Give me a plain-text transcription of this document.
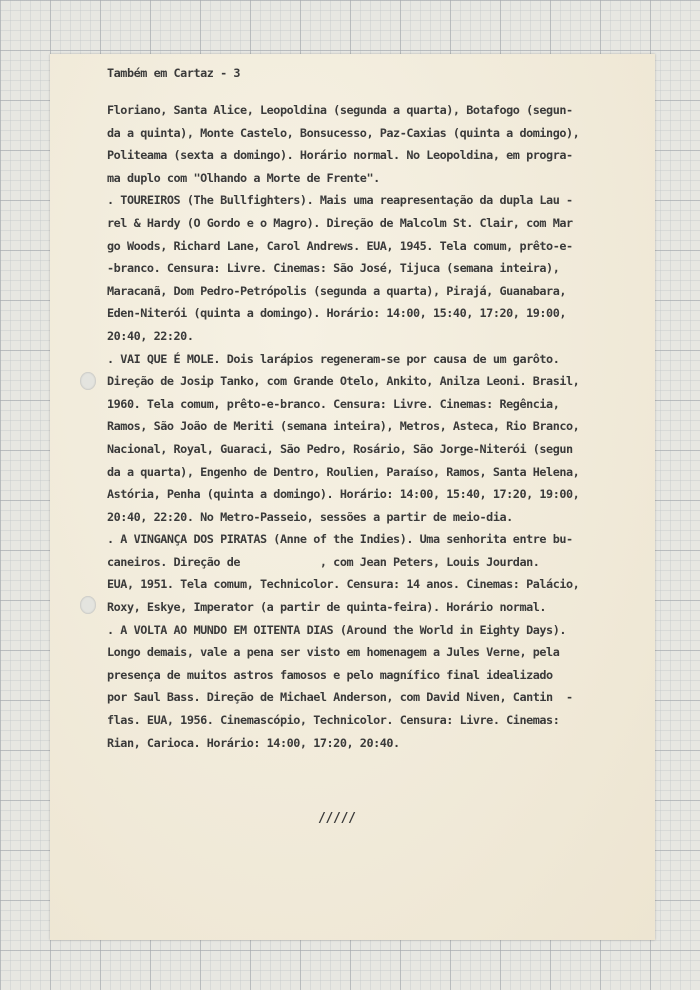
Também em Cartaz - 3
Floriano, Santa Alice, Leopoldina (segunda a quarta), Botafogo (segun-
da a quinta), Monte Castelo, Bonsucesso, Paz-Caxias (quinta a domingo),
Politeama (sexta a domingo). Horário normal. No Leopoldina, em progra-
ma duplo com "Olhando a Morte de Frente".
. TOUREIROS (The Bullfighters). Mais uma reapresentação da dupla Lau -
rel & Hardy (O Gordo e o Magro). Direção de Malcolm St. Clair, com Mar
go Woods, Richard Lane, Carol Andrews. EUA, 1945. Tela comum, prêto-e-
-branco. Censura: Livre. Cinemas: São José, Tijuca (semana inteira),
Maracanã, Dom Pedro-Petrópolis (segunda a quarta), Pirajá, Guanabara,
Eden-Niterói (quinta a domingo). Horário: 14:00, 15:40, 17:20, 19:00,
20:40, 22:20.
. VAI QUE É MOLE. Dois larápios regeneram-se por causa de um garôto.
Direção de Josip Tanko, com Grande Otelo, Ankito, Anilza Leoni. Brasil,
1960. Tela comum, prêto-e-branco. Censura: Livre. Cinemas: Regência,
Ramos, São João de Meriti (semana inteira), Metros, Asteca, Rio Branco,
Nacional, Royal, Guaraci, São Pedro, Rosário, São Jorge-Niterói (segun
da a quarta), Engenho de Dentro, Roulien, Paraíso, Ramos, Santa Helena,
Astória, Penha (quinta a domingo). Horário: 14:00, 15:40, 17:20, 19:00,
20:40, 22:20. No Metro-Passeio, sessões a partir de meio-dia.
. A VINGANÇA DOS PIRATAS (Anne of the Indies). Uma senhorita entre bu-
caneiros. Direção de            , com Jean Peters, Louis Jourdan.
EUA, 1951. Tela comum, Technicolor. Censura: 14 anos. Cinemas: Palácio,
Roxy, Eskye, Imperator (a partir de quinta-feira). Horário normal.
. A VOLTA AO MUNDO EM OITENTA DIAS (Around the World in Eighty Days).
Longo demais, vale a pena ser visto em homenagem a Jules Verne, pela
presença de muitos astros famosos e pelo magnífico final idealizado
por Saul Bass. Direção de Michael Anderson, com David Niven, Cantin  -
flas. EUA, 1956. Cinemascópio, Technicolor. Censura: Livre. Cinemas:
Rian, Carioca. Horário: 14:00, 17:20, 20:40.
/////
